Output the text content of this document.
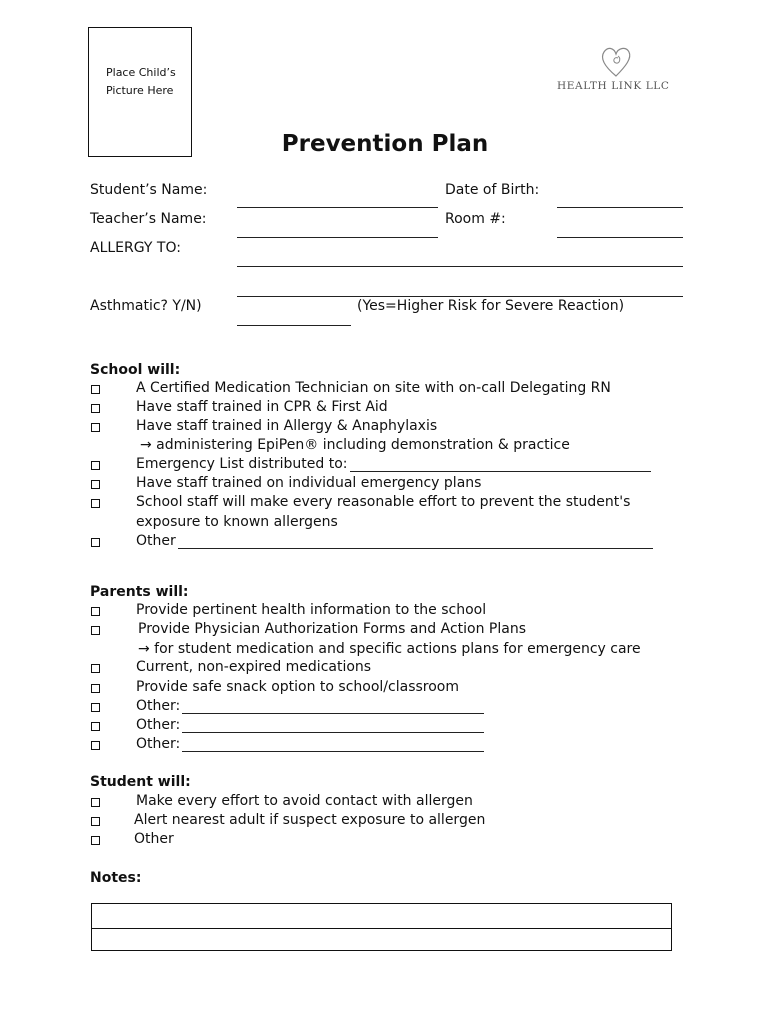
Place Child’s
Picture Here	HEALTH LINK LLC
Prevention Plan
Student’s Name:	Date of Birth:
Teacher’s Name:	Room #:
ALLERGY TO:
Asthmatic? Y/N)	(Yes=Higher Risk for Severe Reaction)
School will:
A Certified Medication Technician on site with on-call Delegating RN
Have staff trained in CPR & First Aid
Have staff trained in Allergy & Anaphylaxis
→ administering EpiPen® including demonstration & practice
Emergency List distributed to:
Have staff trained on individual emergency plans
School staff will make every reasonable effort to prevent the student's
exposure to known allergens
Other
Parents will:
Provide pertinent health information to the school
Provide Physician Authorization Forms and Action Plans
→ for student medication and specific actions plans for emergency care
Current, non-expired medications
Provide safe snack option to school/classroom
Other:
Other:
Other:
Student will:
Make every effort to avoid contact with allergen
Alert nearest adult if suspect exposure to allergen
Other
Notes:
